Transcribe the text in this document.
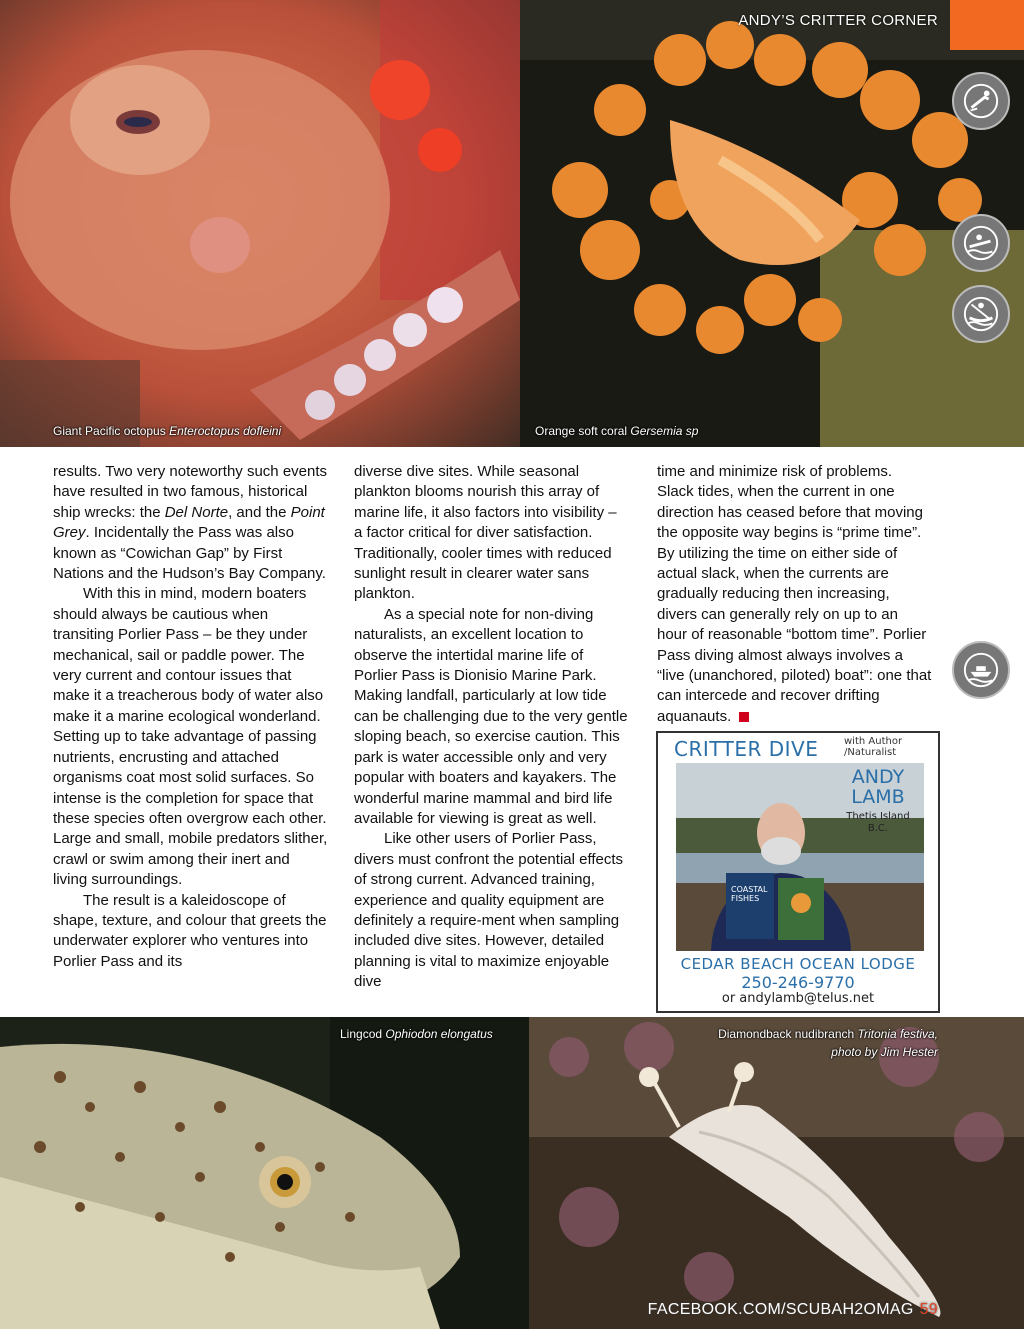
Giant Pacific octopus Enteroctopus dofleini	Orange soft coral Gersemia sp
ANDY’S CRITTER CORNER

results. Two very noteworthy such events have resulted in two famous, historical ship wrecks: the Del Norte, and the Point Grey. Incidentally the Pass was also known as “Cowichan Gap” by First Nations and the Hudson’s Bay Company.

With this in mind, modern boaters should always be cautious when transiting Porlier Pass – be they under mechanical, sail or paddle power. The very current and contour issues that make it a treacherous body of water also make it a marine ecological wonderland. Setting up to take advantage of passing nutrients, encrusting and attached organisms coat most solid surfaces. So intense is the completion for space that these species often overgrow each other. Large and small, mobile predators slither, crawl or swim among their inert and living surroundings.

The result is a kaleidoscope of shape, texture, and colour that greets the underwater explorer who ventures into Porlier Pass and its

diverse dive sites. While seasonal plankton blooms nourish this array of marine life, it also factors into visibility – a factor critical for diver satisfaction. Traditionally, cooler times with reduced sunlight result in clearer water sans plankton.

As a special note for non-diving naturalists, an excellent location to observe the intertidal marine life of Porlier Pass is Dionisio Marine Park. Making landfall, particularly at low tide can be challenging due to the very gentle sloping beach, so exercise caution. This park is water accessible only and very popular with boaters and kayakers. The wonderful marine mammal and bird life available for viewing is great as well.

Like other users of Porlier Pass, divers must confront the potential effects of strong current. Advanced training, experience and quality equipment are definitely a require-ment when sampling included dive sites. However, detailed planning is vital to maximize enjoyable dive

time and minimize risk of problems. Slack tides, when the current in one direction has ceased before that moving the opposite way begins is “prime time”. By utilizing the time on either side of actual slack, when the currents are gradually reducing then increasing, divers can generally rely on up to an hour of reasonable “bottom time”. Porlier Pass diving almost always involves a “live (unanchored, piloted) boat”: one that can intercede and recover drifting aquanauts.

CRITTER DIVE	with Author
/Naturalist
COASTAL FISHES
ANDY
LAMB
Thetis Island
B.C.
CEDAR BEACH OCEAN LODGE
250-246-9770
or andylamb@telus.net
Lingcod Ophiodon elongatus	Diamondback nudibranch Tritonia festiva,
photo by Jim Hester
FACEBOOK.COM/SCUBAH2OMAG 59
